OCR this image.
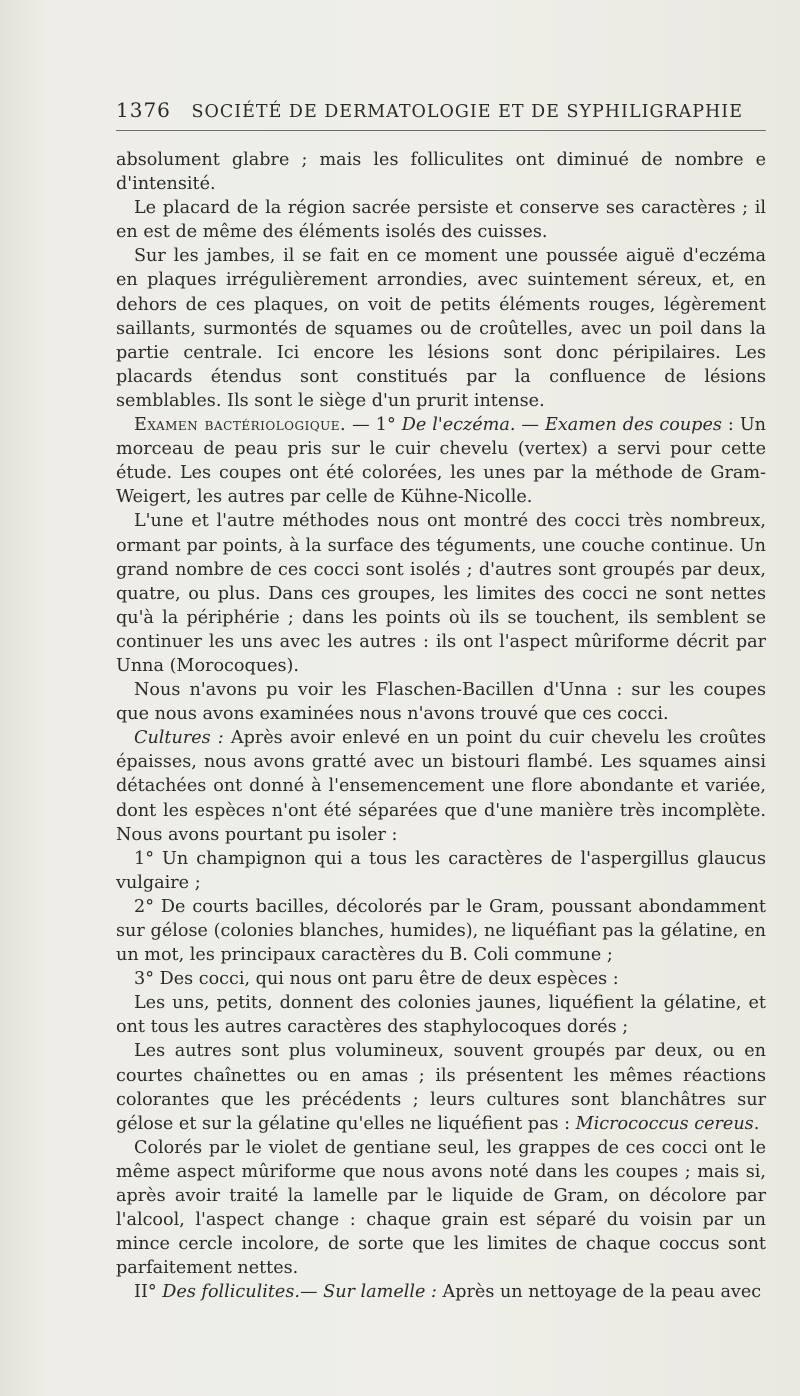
1376 SOCIÉTÉ DE DERMATOLOGIE ET DE SYPHILIGRAPHIE

absolument glabre ; mais les folliculites ont diminué de nombre e d'intensité.

Le placard de la région sacrée persiste et conserve ses caractères ; il en est de même des éléments isolés des cuisses.

Sur les jambes, il se fait en ce moment une poussée aiguë d'eczéma en plaques irrégulièrement arrondies, avec suintement séreux, et, en dehors de ces plaques, on voit de petits éléments rouges, légèrement saillants, surmontés de squames ou de croûtelles, avec un poil dans la partie centrale. Ici encore les lésions sont donc péripilaires. Les placards étendus sont constitués par la confluence de lésions semblables. Ils sont le siège d'un prurit intense.

Examen bactériologique. — 1° De l'eczéma. — Examen des coupes : Un morceau de peau pris sur le cuir chevelu (vertex) a servi pour cette étude. Les coupes ont été colorées, les unes par la méthode de Gram-Weigert, les autres par celle de Kühne-Nicolle.

L'une et l'autre méthodes nous ont montré des cocci très nombreux, ormant par points, à la surface des téguments, une couche continue. Un grand nombre de ces cocci sont isolés ; d'autres sont groupés par deux, quatre, ou plus. Dans ces groupes, les limites des cocci ne sont nettes qu'à la périphérie ; dans les points où ils se touchent, ils semblent se continuer les uns avec les autres : ils ont l'aspect mûriforme décrit par Unna (Morocoques).

Nous n'avons pu voir les Flaschen-Bacillen d'Unna : sur les coupes que nous avons examinées nous n'avons trouvé que ces cocci.

Cultures : Après avoir enlevé en un point du cuir chevelu les croûtes épaisses, nous avons gratté avec un bistouri flambé. Les squames ainsi détachées ont donné à l'ensemencement une flore abondante et variée, dont les espèces n'ont été séparées que d'une manière très incomplète. Nous avons pourtant pu isoler :

1° Un champignon qui a tous les caractères de l'aspergillus glaucus vulgaire ;

2° De courts bacilles, décolorés par le Gram, poussant abondamment sur gélose (colonies blanches, humides), ne liquéfiant pas la gélatine, en un mot, les principaux caractères du B. Coli commune ;

3° Des cocci, qui nous ont paru être de deux espèces :

Les uns, petits, donnent des colonies jaunes, liquéfient la gélatine, et ont tous les autres caractères des staphylocoques dorés ;

Les autres sont plus volumineux, souvent groupés par deux, ou en courtes chaînettes ou en amas ; ils présentent les mêmes réactions colorantes que les précédents ; leurs cultures sont blanchâtres sur gélose et sur la gélatine qu'elles ne liquéfient pas : Micrococcus cereus.

Colorés par le violet de gentiane seul, les grappes de ces cocci ont le même aspect mûriforme que nous avons noté dans les coupes ; mais si, après avoir traité la lamelle par le liquide de Gram, on décolore par l'alcool, l'aspect change : chaque grain est séparé du voisin par un mince cercle incolore, de sorte que les limites de chaque coccus sont parfaitement nettes.

II° Des folliculites.— Sur lamelle : Après un nettoyage de la peau avec
